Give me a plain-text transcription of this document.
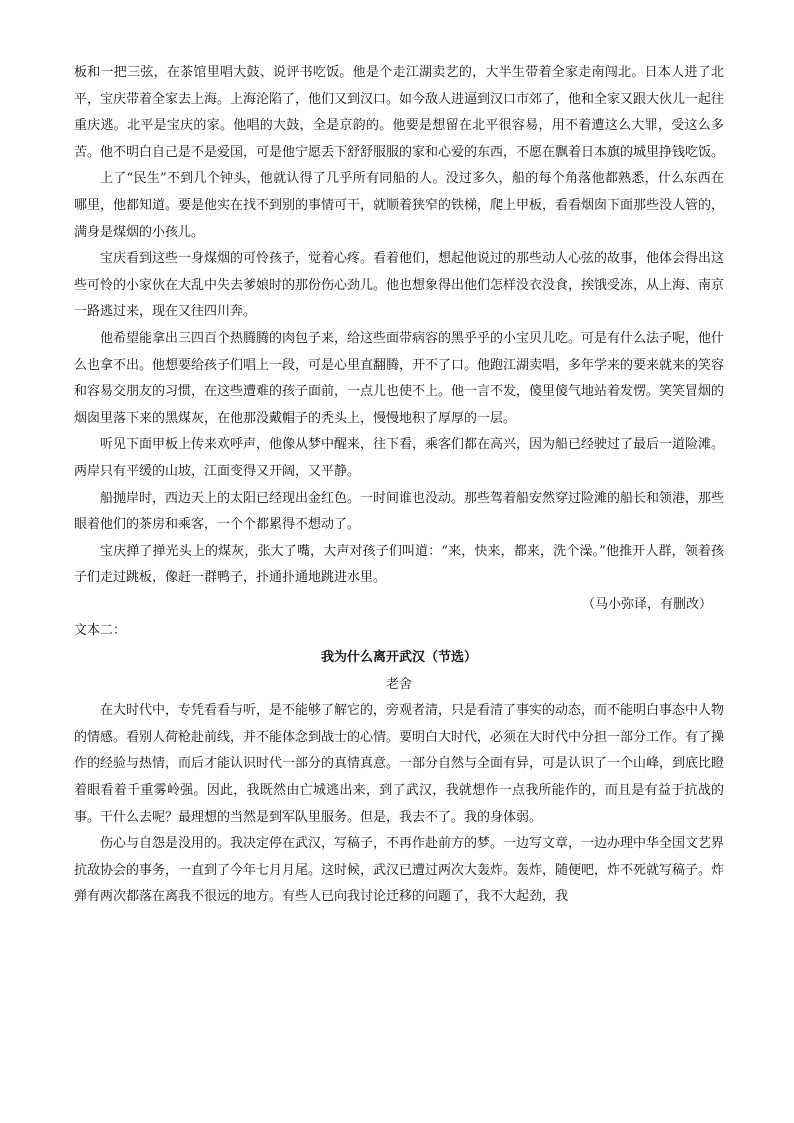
板和一把三弦，在茶馆里唱大鼓、说评书吃饭。他是个走江湖卖艺的，大半生带着全家走南闯北。日本人进了北平，宝庆带着全家去上海。上海沦陷了，他们又到汉口。如今敌人进逼到汉口市郊了，他和全家又跟大伙儿一起往重庆逃。北平是宝庆的家。他唱的大鼓，全是京韵的。他要是想留在北平很容易，用不着遭这么大罪，受这么多苦。他不明白自己是不是爱国，可是他宁愿丢下舒舒服服的家和心爱的东西，不愿在飘着日本旗的城里挣钱吃饭。

上了“民生”不到几个钟头，他就认得了几乎所有同船的人。没过多久，船的每个角落他都熟悉，什么东西在哪里，他都知道。要是他实在找不到别的事情可干，就顺着狭窄的铁梯，爬上甲板，看看烟囱下面那些没人管的，满身是煤烟的小孩儿。

宝庆看到这些一身煤烟的可怜孩子，觉着心疼。看着他们，想起他说过的那些动人心弦的故事，他体会得出这些可怜的小家伙在大乱中失去爹娘时的那份伤心劲儿。他也想象得出他们怎样没衣没食，挨饿受冻，从上海、南京一路逃过来，现在又往四川奔。

他希望能拿出三四百个热腾腾的肉包子来，给这些面带病容的黑乎乎的小宝贝儿吃。可是有什么法子呢，他什么也拿不出。他想要给孩子们唱上一段，可是心里直翻腾，开不了口。他跑江湖卖唱，多年学来的要来就来的笑容和容易交朋友的习惯，在这些遭难的孩子面前，一点儿也使不上。他一言不发，傻里傻气地站着发愣。笑笑冒烟的烟囱里落下来的黑煤灰，在他那没戴帽子的秃头上，慢慢地积了厚厚的一层。

听见下面甲板上传来欢呼声，他像从梦中醒来，往下看，乘客们都在高兴，因为船已经驶过了最后一道险滩。两岸只有平缓的山坡，江面变得又开阔，又平静。

船抛岸时，西边天上的太阳已经现出金红色。一时间谁也没动。那些驾着船安然穿过险滩的船长和领港，那些眼着他们的茶房和乘客，一个个都累得不想动了。

宝庆掸了掸光头上的煤灰，张大了嘴，大声对孩子们叫道：“来，快来，都来，洗个澡。”他推开人群，领着孩子们走过跳板，像赶一群鸭子，扑通扑通地跳进水里。

（马小弥译，有删改）

文本二：

我为什么离开武汉（节选）

老舍

在大时代中，专凭看看与听，是不能够了解它的，旁观者清，只是看清了事实的动态，而不能明白事态中人物的情感。看别人荷枪赴前线，并不能体念到战士的心情。要明白大时代，必须在大时代中分担一部分工作。有了操作的经验与热情，而后才能认识时代一部分的真情真意。一部分自然与全面有异，可是认识了一个山峰，到底比瞪着眼看着千重雾岭强。因此，我既然由亡城逃出来，到了武汉，我就想作一点我所能作的，而且是有益于抗战的事。干什么去呢？最理想的当然是到军队里服务。但是，我去不了。我的身体弱。

伤心与自怨是没用的。我决定停在武汉，写稿子，不再作赴前方的梦。一边写文章，一边办理中华全国文艺界抗敌协会的事务，一直到了今年七月月尾。这时候，武汉已遭过两次大轰炸。轰炸，随便吧，炸不死就写稿子。炸弹有两次都落在离我不很远的地方。有些人已向我讨论迁移的问题了，我不大起劲，我
